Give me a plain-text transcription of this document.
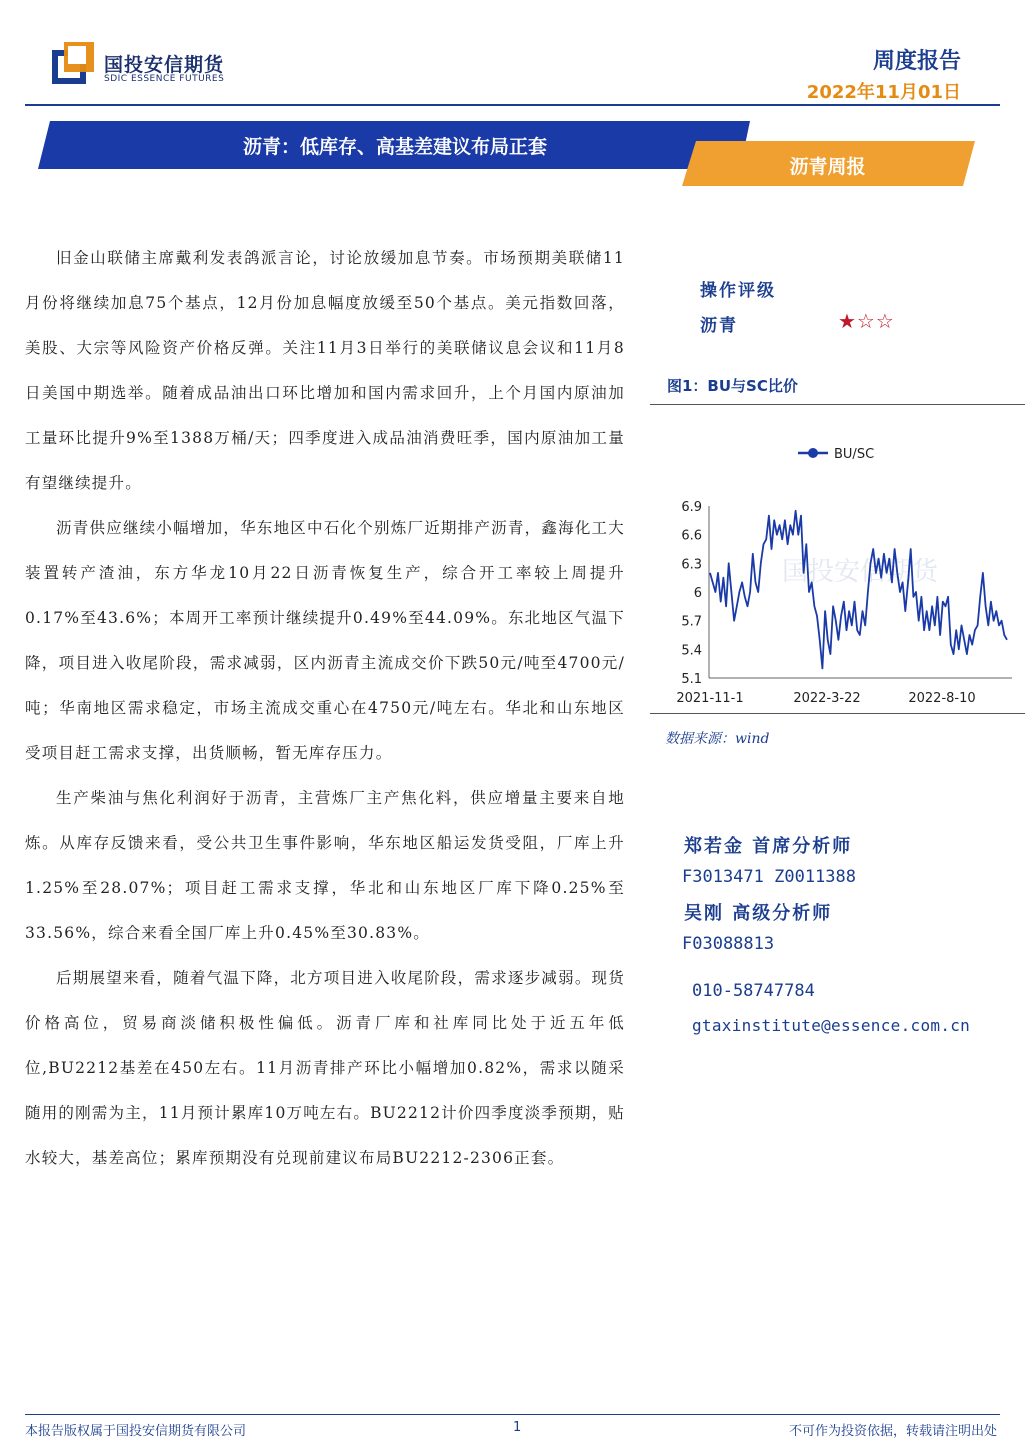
国投安信期货
SDIC ESSENCE FUTURES
周度报告
2022年11月01日
沥青：低库存、高基差建议布局正套
沥青周报

旧金山联储主席戴利发表鸽派言论，讨论放缓加息节奏。市场预期美联储11月份将继续加息75个基点，12月份加息幅度放缓至50个基点。美元指数回落，美股、大宗等风险资产价格反弹。关注11月3日举行的美联储议息会议和11月8日美国中期选举。随着成品油出口环比增加和国内需求回升，上个月国内原油加工量环比提升9%至1388万桶/天；四季度进入成品油消费旺季，国内原油加工量有望继续提升。

沥青供应继续小幅增加，华东地区中石化个别炼厂近期排产沥青，鑫海化工大装置转产渣油，东方华龙10月22日沥青恢复生产，综合开工率较上周提升0.17%至43.6%；本周开工率预计继续提升0.49%至44.09%。东北地区气温下降，项目进入收尾阶段，需求减弱，区内沥青主流成交价下跌50元/吨至4700元/吨；华南地区需求稳定，市场主流成交重心在4750元/吨左右。华北和山东地区受项目赶工需求支撑，出货顺畅，暂无库存压力。

生产柴油与焦化利润好于沥青，主营炼厂主产焦化料，供应增量主要来自地炼。从库存反馈来看，受公共卫生事件影响，华东地区船运发货受阻，厂库上升1.25%至28.07%；项目赶工需求支撑，华北和山东地区厂库下降0.25%至33.56%，综合来看全国厂库上升0.45%至30.83%。

后期展望来看，随着气温下降，北方项目进入收尾阶段，需求逐步减弱。现货价格高位，贸易商淡储积极性偏低。沥青厂库和社库同比处于近五年低位,BU2212基差在450左右。11月沥青排产环比小幅增加0.82%，需求以随采随用的刚需为主，11月预计累库10万吨左右。BU2212计价四季度淡季预期，贴水较大，基差高位；累库预期没有兑现前建议布局BU2212-2306正套。

操作评级
沥青	★☆☆
图1：BU与SC比价
国投安信期货
BU/SC
5.1
5.4
5.7
6
6.3
6.6
6.9
2021-11-1	2022-3-22	2022-8-10
数据来源：wind
郑若金 首席分析师
F3013471 Z0011388
吴刚 高级分析师
F03088813
010-58747784
gtaxinstitute@essence.com.cn
本报告版权属于国投安信期货有限公司	1	不可作为投资依据，转载请注明出处
